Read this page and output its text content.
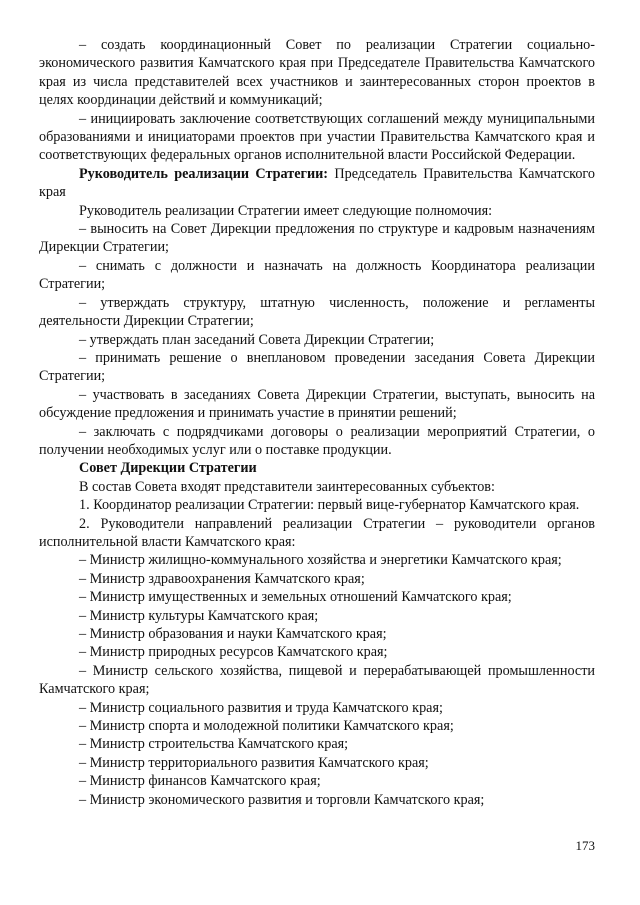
– создать координационный Совет по реализации Стратегии социально-экономического развития Камчатского края при Председателе Правительства Камчатского края из числа представителей всех участников и заинтересованных сторон проектов в целях координации действий и коммуникаций;

– инициировать заключение соответствующих соглашений между муниципальными образованиями и инициаторами проектов при участии Правительства Камчатского края и соответствующих федеральных органов исполнительной власти Российской Федерации.

Руководитель реализации Стратегии: Председатель Правительства Камчатского края

Руководитель реализации Стратегии имеет следующие полномочия:

– выносить на Совет Дирекции предложения по структуре и кадровым назначениям Дирекции Стратегии;

– снимать с должности и назначать на должность Координатора реализации Стратегии;

– утверждать структуру, штатную численность, положение и регламенты деятельности Дирекции Стратегии;

– утверждать план заседаний Совета Дирекции Стратегии;

– принимать решение о внеплановом проведении заседания Совета Дирекции Стратегии;

– участвовать в заседаниях Совета Дирекции Стратегии, выступать, выносить на обсуждение предложения и принимать участие в принятии решений;

– заключать с подрядчиками договоры о реализации мероприятий Стратегии, о получении необходимых услуг или о поставке продукции.

Совет Дирекции Стратегии

В состав Совета входят представители заинтересованных субъектов:

1. Координатор реализации Стратегии: первый вице-губернатор Камчатского края.

2. Руководители направлений реализации Стратегии – руководители органов исполнительной власти Камчатского края:

– Министр жилищно-коммунального хозяйства и энергетики Камчатского края;

– Министр здравоохранения Камчатского края;

– Министр имущественных и земельных отношений Камчатского края;

– Министр культуры Камчатского края;

– Министр образования и науки Камчатского края;

– Министр природных ресурсов Камчатского края;

– Министр сельского хозяйства, пищевой и перерабатывающей промышленности Камчатского края;

– Министр социального развития и труда Камчатского края;

– Министр спорта и молодежной политики Камчатского края;

– Министр строительства Камчатского края;

– Министр территориального развития Камчатского края;

– Министр финансов Камчатского края;

– Министр экономического развития и торговли Камчатского края;

173
